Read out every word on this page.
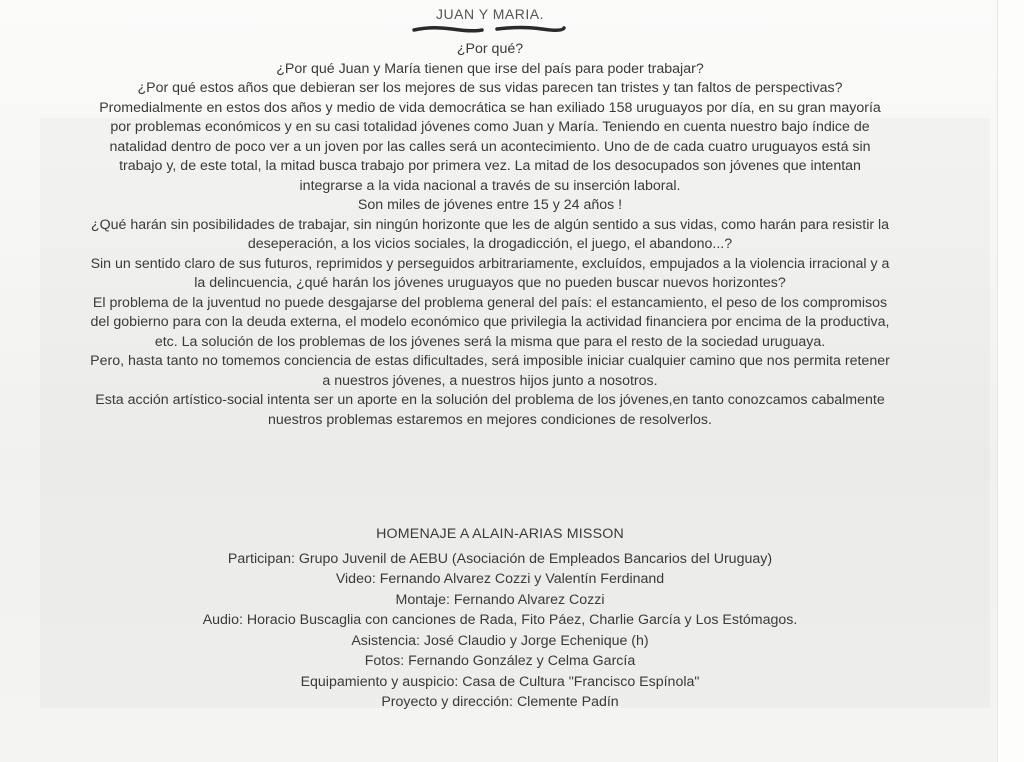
JUAN Y MARIA.

¿Por qué?

¿Por qué Juan y María tienen que irse del país para poder trabajar?

¿Por qué estos años que debieran ser los mejores de sus vidas parecen tan tristes y tan faltos de perspectivas?

Promedialmente en estos dos años y medio de vida democrática se han exiliado 158 uruguayos por día, en su gran mayoría por problemas económicos y en su casi totalidad jóvenes como Juan y María. Teniendo en cuenta nuestro bajo índice de natalidad dentro de poco ver a un joven por las calles será un acontecimiento. Uno de de cada cuatro uruguayos está sin trabajo y, de este total, la mitad busca trabajo por primera vez. La mitad de los desocupados son jóvenes que intentan integrarse a la vida nacional a través de su inserción laboral.

Son miles de jóvenes entre 15 y 24 años !

¿Qué harán sin posibilidades de trabajar, sin ningún horizonte que les de algún sentido a sus vidas, como harán para resistir la deseperación, a los vicios sociales, la drogadicción, el juego, el abandono...?

Sin un sentido claro de sus futuros, reprimidos y perseguidos arbitrariamente, excluídos, empujados a la violencia irracional y a la delincuencia, ¿qué harán los jóvenes uruguayos que no pueden buscar nuevos horizontes?

El problema de la juventud no puede desgajarse del problema general del país: el estancamiento, el peso de los compromisos del gobierno para con la deuda externa, el modelo económico que privilegia la actividad financiera por encima de la productiva, etc. La solución de los problemas de los jóvenes será la misma que para el resto de la sociedad uruguaya.

Pero, hasta tanto no tomemos conciencia de estas dificultades, será imposible iniciar cualquier camino que nos permita retener a nuestros jóvenes, a nuestros hijos junto a nosotros.

Esta acción artístico-social intenta ser un aporte en la solución del problema de los jóvenes,en tanto conozcamos cabalmente nuestros problemas estaremos en mejores condiciones de resolverlos.

HOMENAJE A ALAIN-ARIAS MISSON

Participan: Grupo Juvenil de AEBU (Asociación de Empleados Bancarios del Uruguay)

Video: Fernando Alvarez Cozzi y Valentín Ferdinand

Montaje: Fernando Alvarez Cozzi

Audio: Horacio Buscaglia con canciones de Rada, Fito Páez, Charlie García y Los Estómagos.

Asistencia: José Claudio y Jorge Echenique (h)

Fotos: Fernando González y Celma García

Equipamiento y auspicio: Casa de Cultura "Francisco Espínola"

Proyecto y dirección: Clemente Padín
